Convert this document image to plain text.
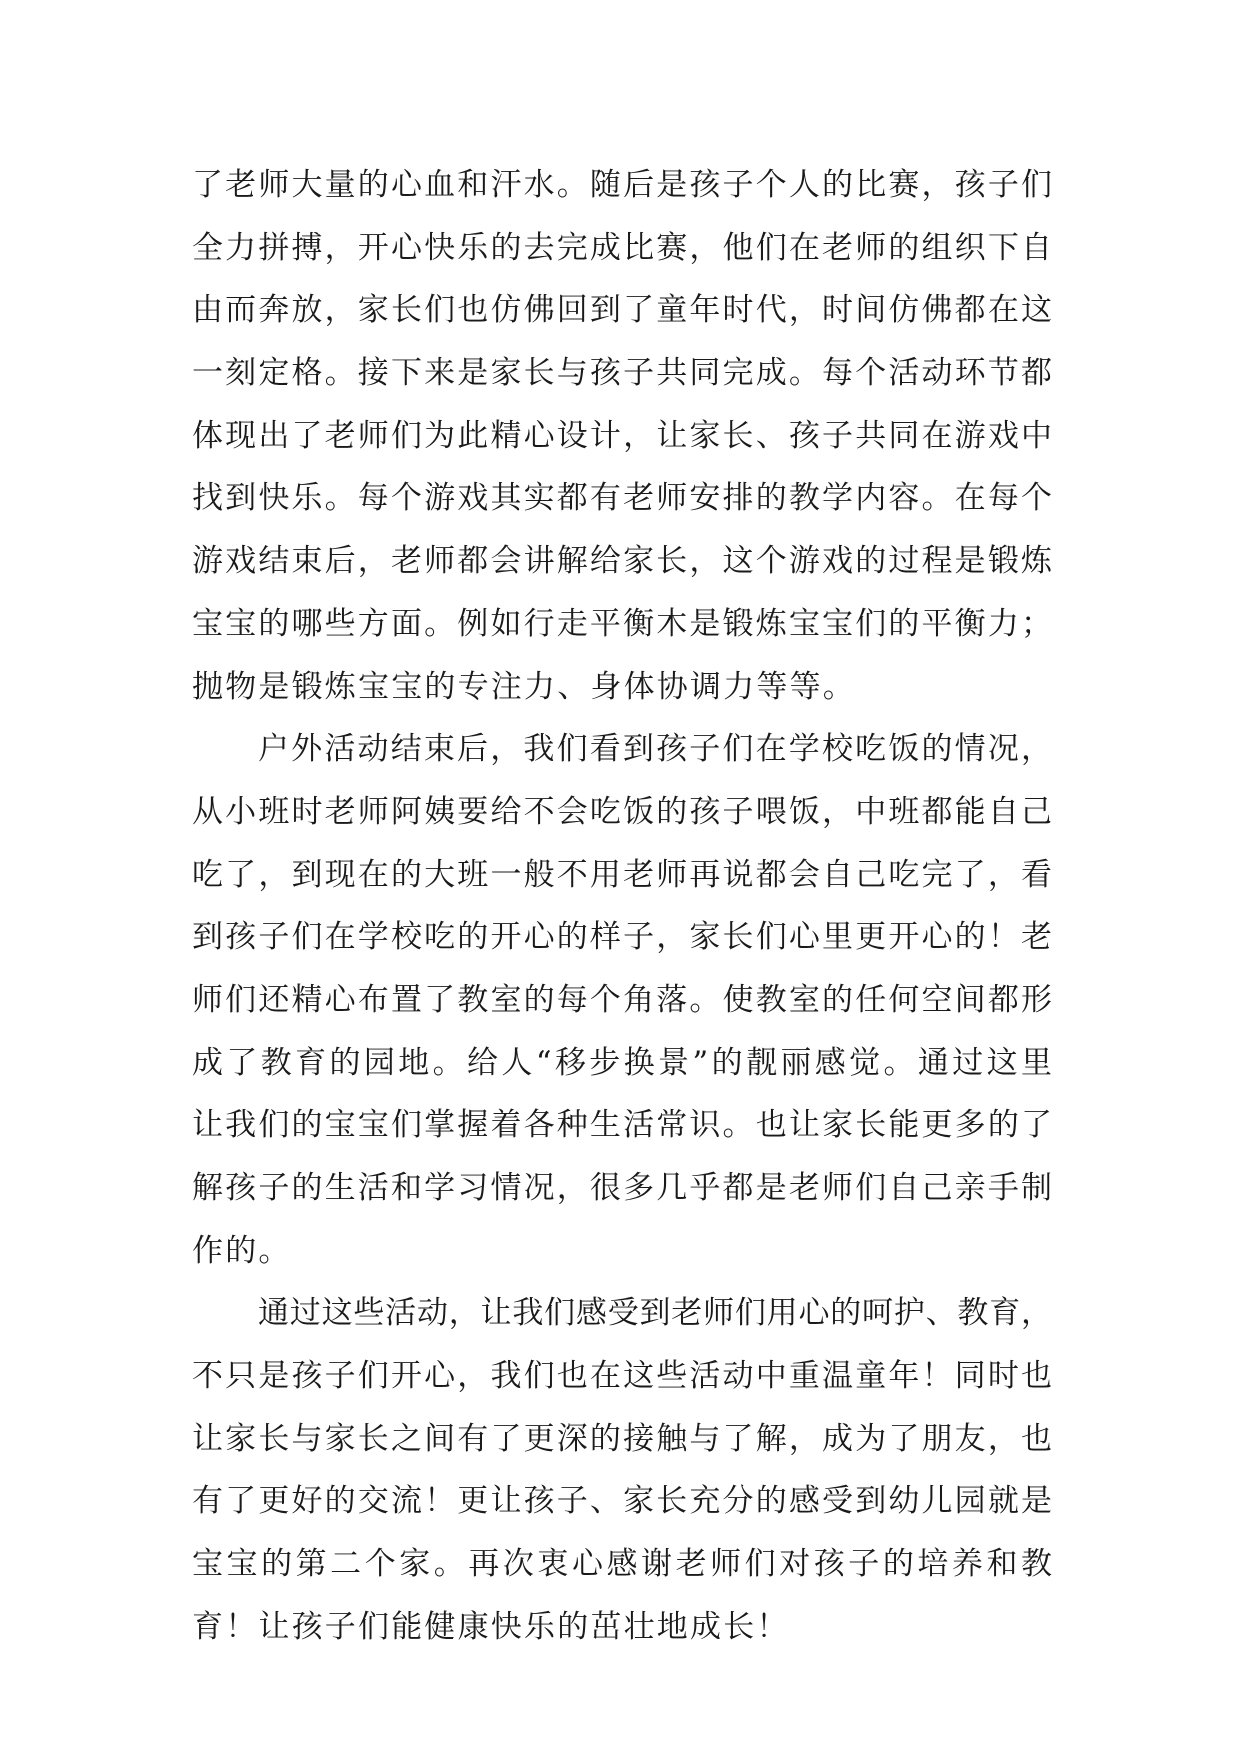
了老师大量的心血和汗水。随后是孩子个人的比赛，孩子们
全力拼搏，开心快乐的去完成比赛，他们在老师的组织下自
由而奔放，家长们也仿佛回到了童年时代，时间仿佛都在这
一刻定格。接下来是家长与孩子共同完成。每个活动环节都
体现出了老师们为此精心设计，让家长、孩子共同在游戏中
找到快乐。每个游戏其实都有老师安排的教学内容。在每个
游戏结束后，老师都会讲解给家长，这个游戏的过程是锻炼
宝宝的哪些方面。例如行走平衡木是锻炼宝宝们的平衡力；
抛物是锻炼宝宝的专注力、身体协调力等等。
户外活动结束后，我们看到孩子们在学校吃饭的情况，
从小班时老师阿姨要给不会吃饭的孩子喂饭，中班都能自己
吃了，到现在的大班一般不用老师再说都会自己吃完了，看
到孩子们在学校吃的开心的样子，家长们心里更开心的！老
师们还精心布置了教室的每个角落。使教室的任何空间都形
成了教育的园地。给人“移步换景”的靓丽感觉。通过这里
让我们的宝宝们掌握着各种生活常识。也让家长能更多的了
解孩子的生活和学习情况，很多几乎都是老师们自己亲手制
作的。
通过这些活动，让我们感受到老师们用心的呵护、教育，
不只是孩子们开心，我们也在这些活动中重温童年！同时也
让家长与家长之间有了更深的接触与了解，成为了朋友，也
有了更好的交流！更让孩子、家长充分的感受到幼儿园就是
宝宝的第二个家。再次衷心感谢老师们对孩子的培养和教
育！让孩子们能健康快乐的茁壮地成长！
